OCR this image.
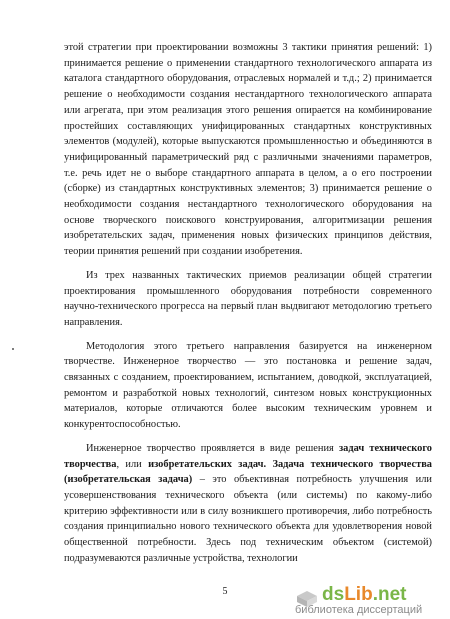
этой стратегии при проектировании возможны 3 тактики принятия решений: 1) принимается решение о применении стандартного технологического аппарата из каталога стандартного оборудования, отраслевых нормалей и т.д.; 2) принимается решение о необходимости создания нестандартного технологического аппарата или агрегата, при этом реализация этого решения опирается на комбинирование простейших составляющих унифицированных стандартных конструктивных элементов (модулей), которые выпускаются промышленностью и объединяются в унифицированный параметрический ряд с различными значениями параметров, т.е. речь идет не о выборе стандартного аппарата в целом, а о его построении (сборке) из стандартных конструктивных элементов; 3) принимается решение о необходимости создания нестандартного технологического оборудования на основе творческого поискового конструирования, алгоритмизации решения изобретательских задач, применения новых физических принципов действия, теории принятия решений при создании изобретения.

Из трех названных тактических приемов реализации общей стратегии проектирования промышленного оборудования потребности современного научно-технического прогресса на первый план выдвигают методологию третьего направления.

Методология этого третьего направления базируется на инженерном творчестве. Инженерное творчество — это постановка и решение задач, связанных с созданием, проектированием, испытанием, доводкой, эксплуатацией, ремонтом и разработкой новых технологий, синтезом новых конструкционных материалов, которые отличаются более высоким техническим уровнем и конкурентоспособностью.

Инженерное творчество проявляется в виде решения задач технического творчества, или изобретательских задач. Задача технического творчества (изобретательская задача) – это объективная потребность улучшения или усовершенствования технического объекта (или системы) по какому-либо критерию эффективности или в силу возникшего противоречия, либо потребность создания принципиально нового технического объекта для удовлетворения новой общественной потребности. Здесь под техническим объектом (системой) подразумеваются различные устройства, технологии

5	dsLib.net
библиотека диссертаций
